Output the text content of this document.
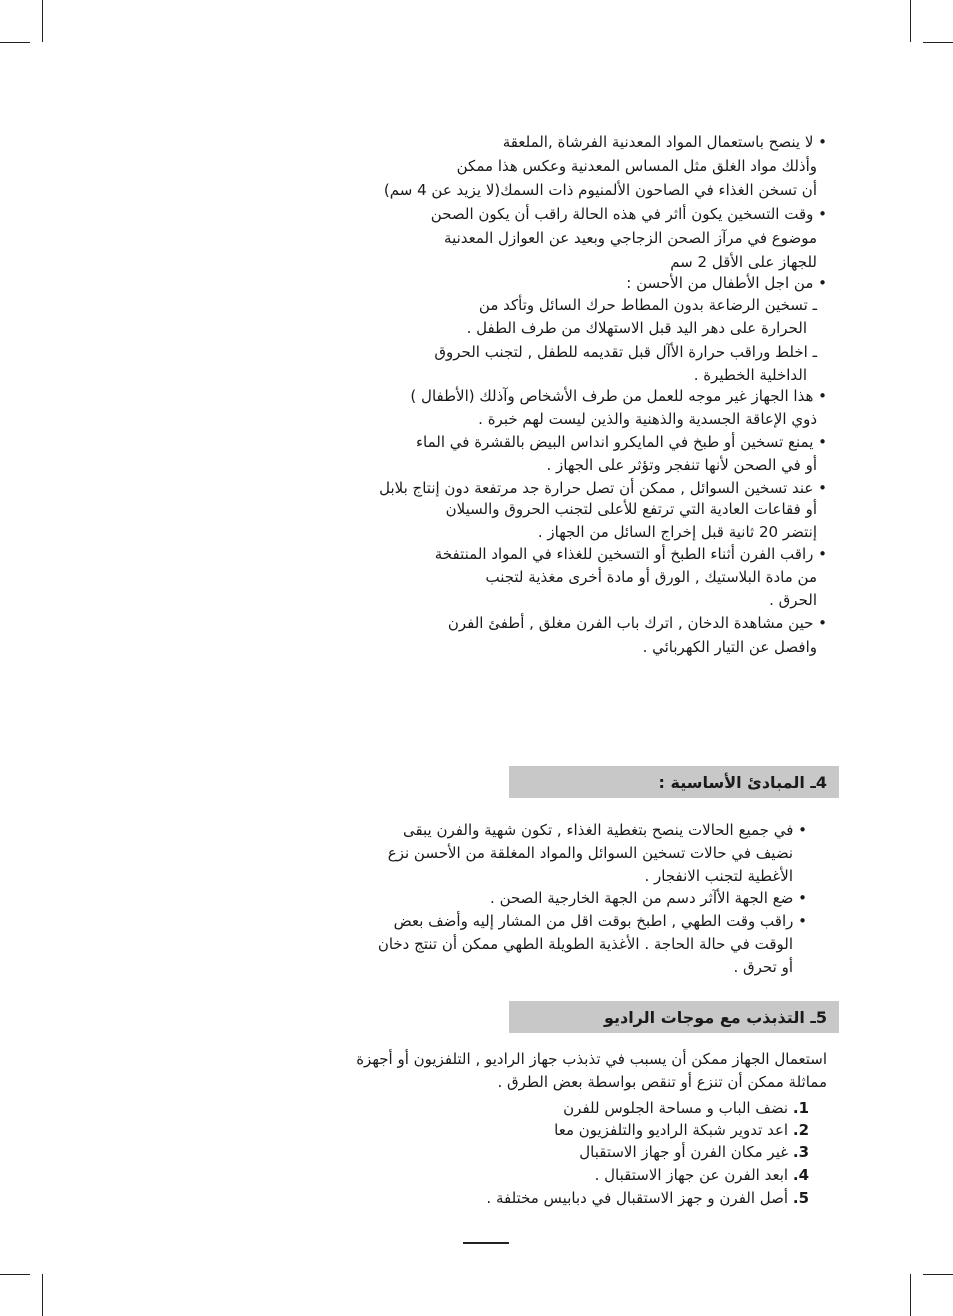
• لا ينصح باستعمال المواد المعدنية الفرشاة ,الملعقة
وأذلك مواد الغلق مثل المساس المعدنية وعكس هذا ممكن
أن تسخن الغذاء في الصاحون الألمنيوم ذات السمك(لا يزيد عن 4 سم)
• وقت التسخين يكون أاثر في هذه الحالة راقب أن يكون الصحن
موضوع في مرآز الصحن الزجاجي وبعيد عن العوازل المعدنية
للجهاز على الأقل 2 سم
• من اجل الأطفال من الأحسن :
ـ تسخين الرضاعة بدون المطاط حرك السائل وتأكد من
الحرارة على دهر اليد قبل الاستهلاك من طرف الطفل .
ـ اخلط وراقب حرارة الأآل قبل تقديمه للطفل , لتجنب الحروق
الداخلية الخطيرة .
• هذا الجهاز غير موجه للعمل من طرف الأشخاص وآذلك (الأطفال )
ذوي الإعاقة الجسدية والذهنية والذين ليست لهم خبرة .
• يمنع تسخين أو طبخ في المايكرو انداس البيض بالقشرة في الماء
أو في الصحن لأنها تنفجر وتؤثر على الجهاز .
• عند تسخين السوائل , ممكن أن تصل حرارة جد مرتفعة دون إنتاج بلابل
أو فقاعات العادية التي ترتفع للأعلى لتجنب الحروق والسيلان
إنتضر 20 ثانية قبل إخراج السائل من الجهاز .
• راقب الفرن أثناء الطبخ أو التسخين للغذاء في المواد المنتفخة
من مادة البلاستيك , الورق أو مادة أخرى مغذية لتجنب
الحرق .
• حين مشاهدة الدخان , اترك باب الفرن مغلق , أطفئ الفرن
وافصل عن التيار الكهربائي .
4ـ المبادئ الأساسية :
• في جميع الحالات ينصح بتغطية الغذاء , تكون شهية والفرن يبقى
نضيف في حالات تسخين السوائل والمواد المغلقة من الأحسن نزع
الأغطية لتجنب الانفجار .
• ضع الجهة الأآثر دسم من الجهة الخارجية الصحن .
• راقب وقت الطهي , اطبخ بوقت اقل من المشار إليه وأضف بعض
الوقت في حالة الحاجة . الأغذية الطويلة الطهي ممكن أن تنتج دخان
أو تحرق .
5ـ التذبذب مع موجات الراديو
استعمال الجهاز ممكن أن يسبب في تذبذب جهاز الراديو , التلفزيون أو أجهزة
مماثلة ممكن أن تنزع أو تنقص بواسطة بعض الطرق .
1. نضف الباب و مساحة الجلوس للفرن
2. اعد تدوير شبكة الراديو والتلفزيون معا
3. غير مكان الفرن أو جهاز الاستقبال
4. ابعد الفرن عن جهاز الاستقبال .
5. أصل الفرن و جهز الاستقبال في دبابيس مختلفة .
